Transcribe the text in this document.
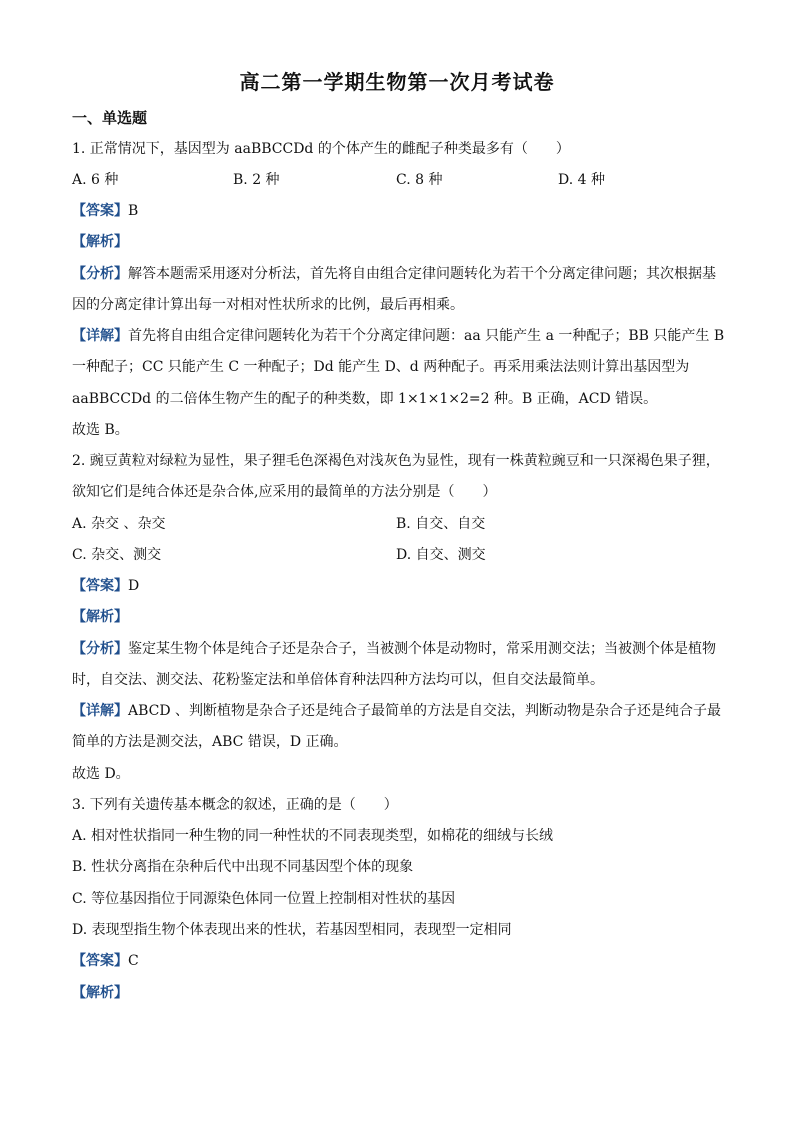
高二第一学期生物第一次月考试卷
一、单选题
1. 正常情况下，基因型为 aaBBCCDd 的个体产生的雌配子种类最多有（　　）
A. 6 种	B. 2 种	C. 8 种	D. 4 种
【答案】B
【解析】
【分析】解答本题需采用逐对分析法，首先将自由组合定律问题转化为若干个分离定律问题；其次根据基
因的分离定律计算出每一对相对性状所求的比例，最后再相乘。
【详解】首先将自由组合定律问题转化为若干个分离定律问题：aa 只能产生 a 一种配子；BB 只能产生 B
一种配子；CC 只能产生 C 一种配子；Dd 能产生 D、d 两种配子。再采用乘法法则计算出基因型为
aaBBCCDd 的二倍体生物产生的配子的种类数，即 1×1×1×2=2 种。B 正确，ACD 错误。
故选 B。
2. 豌豆黄粒对绿粒为显性，果子狸毛色深褐色对浅灰色为显性，现有一株黄粒豌豆和一只深褐色果子狸，
欲知它们是纯合体还是杂合体,应采用的最简单的方法分别是（　　）
A. 杂交 、杂交	B. 自交、自交
C. 杂交、测交	D. 自交、测交
【答案】D
【解析】
【分析】鉴定某生物个体是纯合子还是杂合子，当被测个体是动物时，常采用测交法；当被测个体是植物
时，自交法、测交法、花粉鉴定法和单倍体育种法四种方法均可以，但自交法最简单。
【详解】ABCD 、判断植物是杂合子还是纯合子最简单的方法是自交法，判断动物是杂合子还是纯合子最
简单的方法是测交法，ABC 错误，D 正确。
故选 D。
3. 下列有关遗传基本概念的叙述，正确的是（　　）
A. 相对性状指同一种生物的同一种性状的不同表现类型，如棉花的细绒与长绒
B. 性状分离指在杂种后代中出现不同基因型个体的现象
C. 等位基因指位于同源染色体同一位置上控制相对性状的基因
D. 表现型指生物个体表现出来的性状，若基因型相同，表现型一定相同
【答案】C
【解析】
